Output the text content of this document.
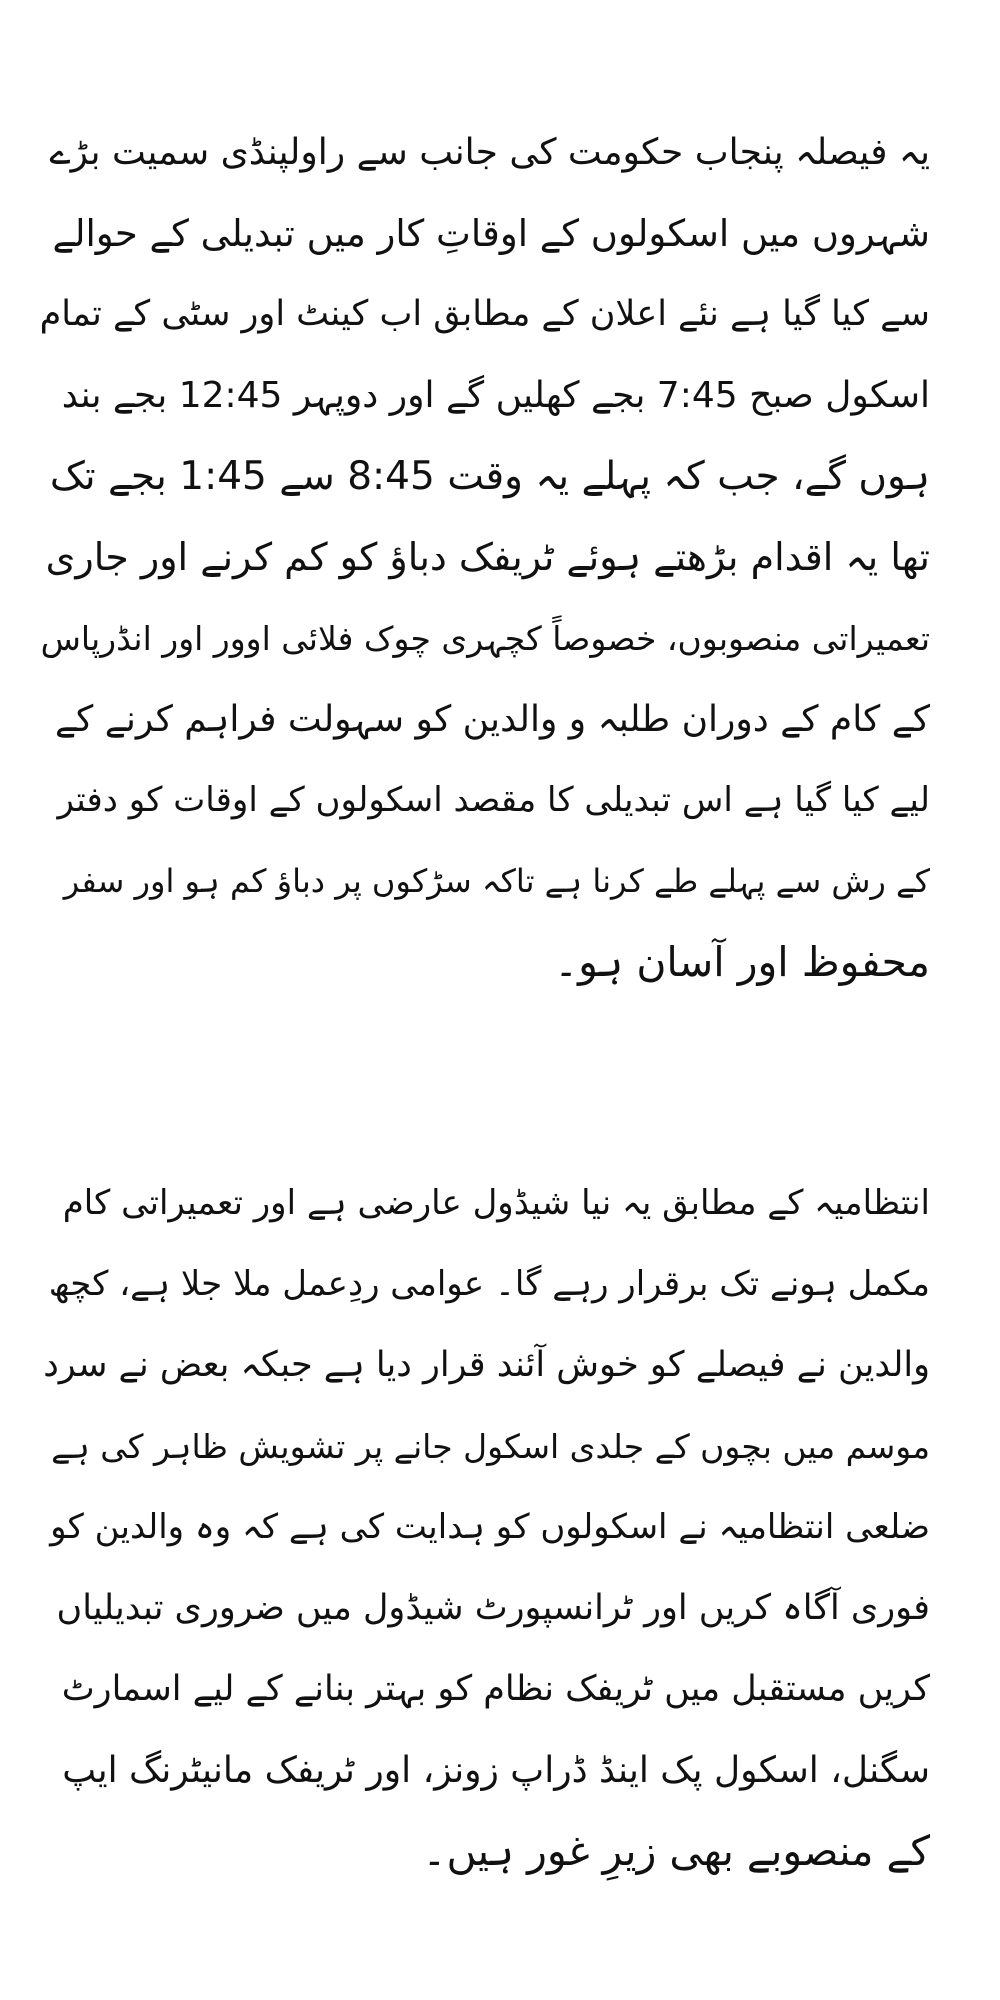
یہ فیصلہ پنجاب حکومت کی جانب سے راولپنڈی سمیت بڑے
شہروں میں اسکولوں کے اوقاتِ کار میں تبدیلی کے حوالے
سے کیا گیا ہے نئے اعلان کے مطابق اب کینٹ اور سٹی کے تمام
اسکول صبح 7:45 بجے کھلیں گے اور دوپہر 12:45 بجے بند
ہوں گے، جب کہ پہلے یہ وقت 8:45 سے 1:45 بجے تک
تھا یہ اقدام بڑھتے ہوئے ٹریفک دباؤ کو کم کرنے اور جاری
تعمیراتی منصوبوں، خصوصاً کچہری چوک فلائی اوور اور انڈرپاس
کے کام کے دوران طلبہ و والدین کو سہولت فراہم کرنے کے
لیے کیا گیا ہے اس تبدیلی کا مقصد اسکولوں کے اوقات کو دفتر
کے رش سے پہلے طے کرنا ہے تاکہ سڑکوں پر دباؤ کم ہو اور سفر
محفوظ اور آسان ہو۔
انتظامیہ کے مطابق یہ نیا شیڈول عارضی ہے اور تعمیراتی کام
مکمل ہونے تک برقرار رہے گا۔ عوامی ردِعمل ملا جلا ہے، کچھ
والدین نے فیصلے کو خوش آئند قرار دیا ہے جبکہ بعض نے سرد
موسم میں بچوں کے جلدی اسکول جانے پر تشویش ظاہر کی ہے
ضلعی انتظامیہ نے اسکولوں کو ہدایت کی ہے کہ وہ والدین کو
فوری آگاہ کریں اور ٹرانسپورٹ شیڈول میں ضروری تبدیلیاں
کریں مستقبل میں ٹریفک نظام کو بہتر بنانے کے لیے اسمارٹ
سگنل، اسکول پک اینڈ ڈراپ زونز، اور ٹریفک مانیٹرنگ ایپ
کے منصوبے بھی زیرِ غور ہیں۔
